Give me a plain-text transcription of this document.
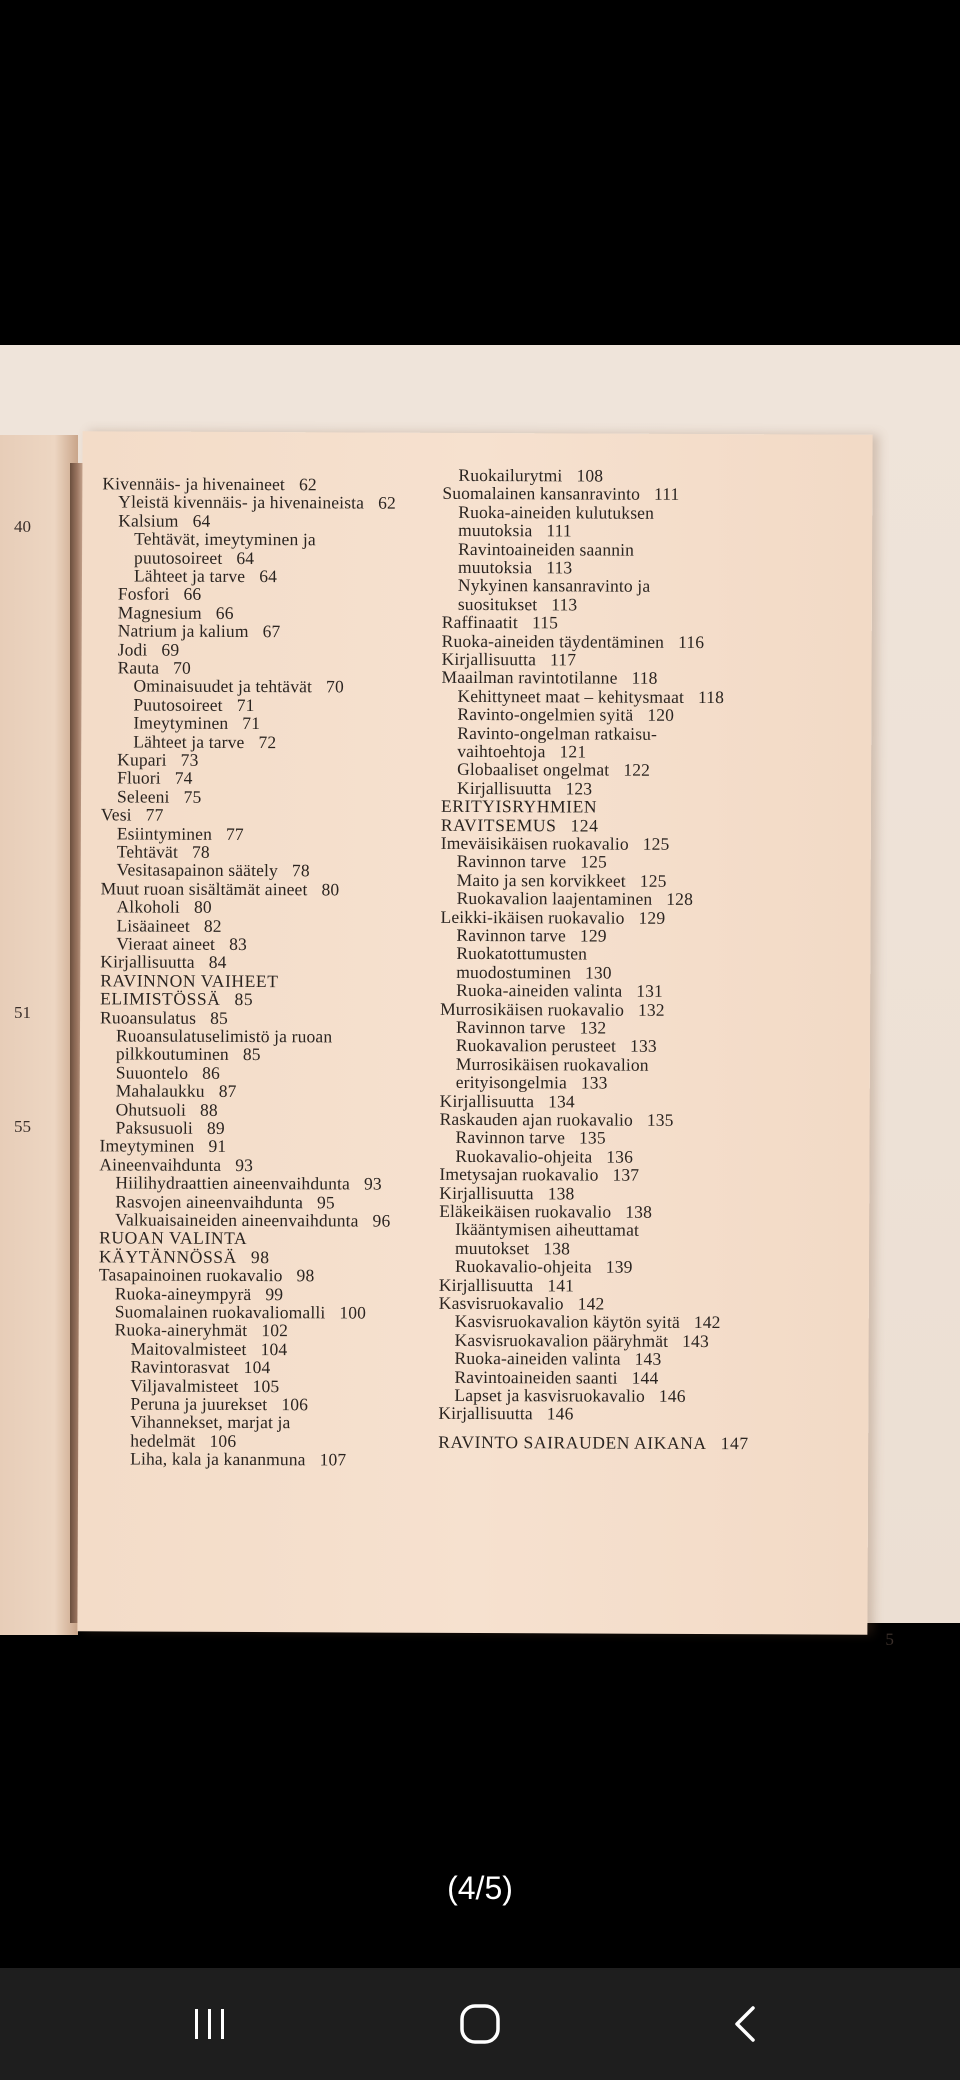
40
51
55
Kivennäis- ja hivenaineet 62
Yleistä kivennäis- ja hivenaineista 62
Kalsium 64
Tehtävät, imeytyminen ja
puutosoireet 64
Lähteet ja tarve 64
Fosfori 66
Magnesium 66
Natrium ja kalium 67
Jodi 69
Rauta 70
Ominaisuudet ja tehtävät 70
Puutosoireet 71
Imeytyminen 71
Lähteet ja tarve 72
Kupari 73
Fluori 74
Seleeni 75
Vesi 77
Esiintyminen 77
Tehtävät 78
Vesitasapainon säätely 78
Muut ruoan sisältämät aineet 80
Alkoholi 80
Lisäaineet 82
Vieraat aineet 83
Kirjallisuutta 84
RAVINNON VAIHEET
ELIMISTÖSSÄ 85
Ruoansulatus 85
Ruoansulatuselimistö ja ruoan
pilkkoutuminen 85
Suuontelo 86
Mahalaukku 87
Ohutsuoli 88
Paksusuoli 89
Imeytyminen 91
Aineenvaihdunta 93
Hiilihydraattien aineenvaihdunta 93
Rasvojen aineenvaihdunta 95
Valkuaisaineiden aineenvaihdunta 96
RUOAN VALINTA
KÄYTÄNNÖSSÄ 98
Tasapainoinen ruokavalio 98
Ruoka-aineympyrä 99
Suomalainen ruokavaliomalli 100
Ruoka-aineryhmät 102
Maitovalmisteet 104
Ravintorasvat 104
Viljavalmisteet 105
Peruna ja juurekset 106
Vihannekset, marjat ja
hedelmät 106
Liha, kala ja kananmuna 107
Ruokailurytmi 108
Suomalainen kansanravinto 111
Ruoka-aineiden kulutuksen
muutoksia 111
Ravintoaineiden saannin
muutoksia 113
Nykyinen kansanravinto ja
suositukset 113
Raffinaatit 115
Ruoka-aineiden täydentäminen 116
Kirjallisuutta 117
Maailman ravintotilanne 118
Kehittyneet maat – kehitysmaat 118
Ravinto-ongelmien syitä 120
Ravinto-ongelman ratkaisu-
vaihtoehtoja 121
Globaaliset ongelmat 122
Kirjallisuutta 123
ERITYISRYHMIEN
RAVITSEMUS 124
Imeväisikäisen ruokavalio 125
Ravinnon tarve 125
Maito ja sen korvikkeet 125
Ruokavalion laajentaminen 128
Leikki-ikäisen ruokavalio 129
Ravinnon tarve 129
Ruokatottumusten
muodostuminen 130
Ruoka-aineiden valinta 131
Murrosikäisen ruokavalio 132
Ravinnon tarve 132
Ruokavalion perusteet 133
Murrosikäisen ruokavalion
erityisongelmia 133
Kirjallisuutta 134
Raskauden ajan ruokavalio 135
Ravinnon tarve 135
Ruokavalio-ohjeita 136
Imetysajan ruokavalio 137
Kirjallisuutta 138
Eläkeikäisen ruokavalio 138
Ikääntymisen aiheuttamat
muutokset 138
Ruokavalio-ohjeita 139
Kirjallisuutta 141
Kasvisruokavalio 142
Kasvisruokavalion käytön syitä 142
Kasvisruokavalion pääryhmät 143
Ruoka-aineiden valinta 143
Ravintoaineiden saanti 144
Lapset ja kasvisruokavalio 146
Kirjallisuutta 146
RAVINTO SAIRAUDEN AIKANA 147
5
(4/5)
